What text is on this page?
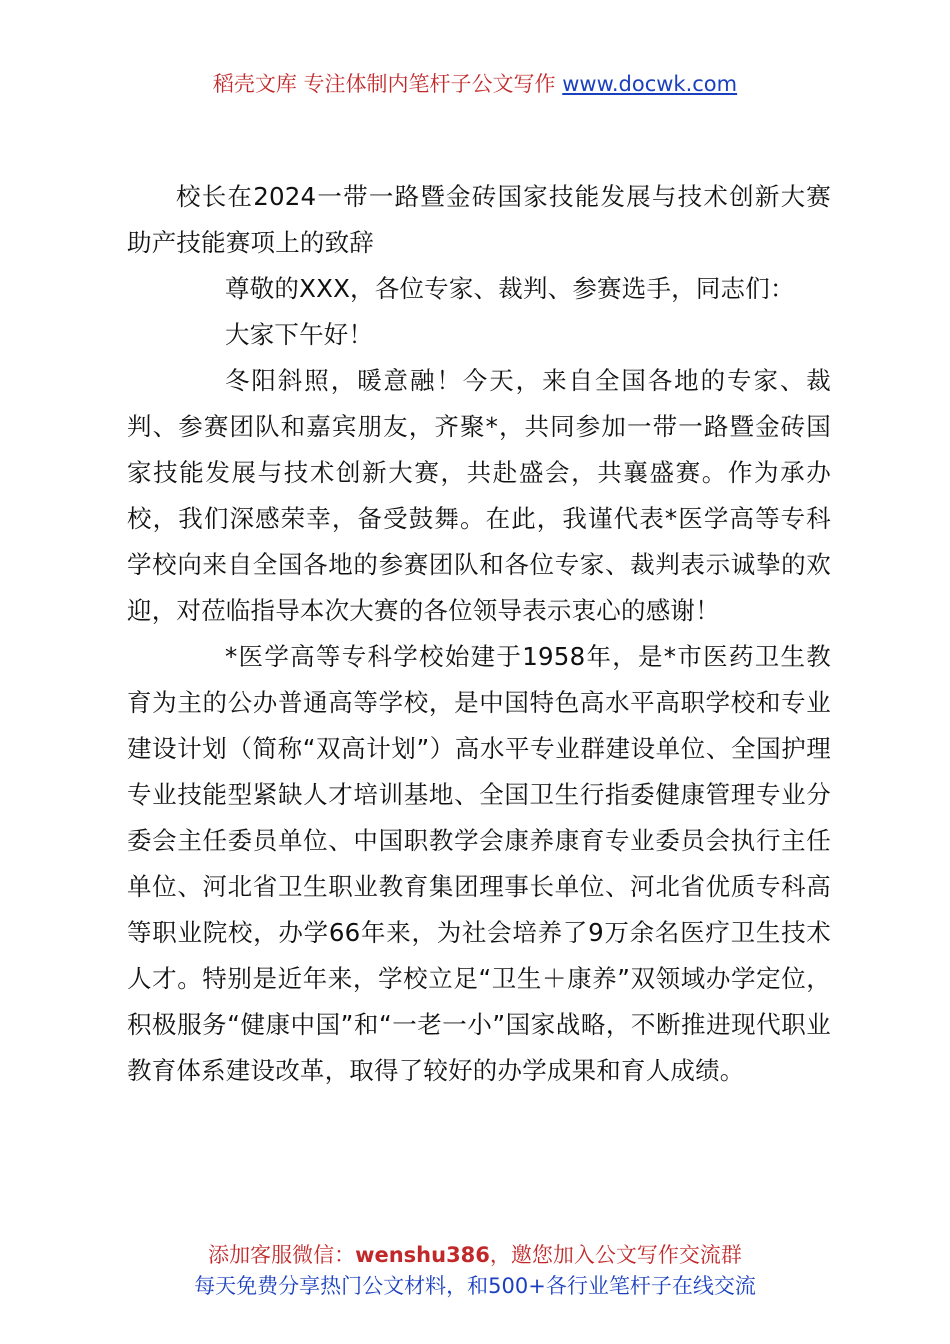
稻壳文库 专注体制内笔杆子公文写作 www.docwk.com

校长在2024一带一路暨金砖国家技能发展与技术创新大赛助产技能赛项上的致辞

尊敬的XXX，各位专家、裁判、参赛选手，同志们：

大家下午好！

冬阳斜照，暖意融！今天，来自全国各地的专家、裁判、参赛团队和嘉宾朋友，齐聚*，共同参加一带一路暨金砖国家技能发展与技术创新大赛，共赴盛会，共襄盛赛。作为承办校，我们深感荣幸，备受鼓舞。在此，我谨代表*医学高等专科学校向来自全国各地的参赛团队和各位专家、裁判表示诚挚的欢迎，对莅临指导本次大赛的各位领导表示衷心的感谢！

*医学高等专科学校始建于1958年，是*市医药卫生教育为主的公办普通高等学校，是中国特色高水平高职学校和专业建设计划（简称“双高计划”）高水平专业群建设单位、全国护理专业技能型紧缺人才培训基地、全国卫生行指委健康管理专业分委会主任委员单位、中国职教学会康养康育专业委员会执行主任单位、河北省卫生职业教育集团理事长单位、河北省优质专科高等职业院校，办学66年来，为社会培养了9万余名医疗卫生技术人才。特别是近年来，学校立足“卫生＋康养”双领域办学定位，积极服务“健康中国”和“一老一小”国家战略，不断推进现代职业教育体系建设改革，取得了较好的办学成果和育人成绩。

添加客服微信：wenshu386，邀您加入公文写作交流群
每天免费分享热门公文材料，和500+各行业笔杆子在线交流
